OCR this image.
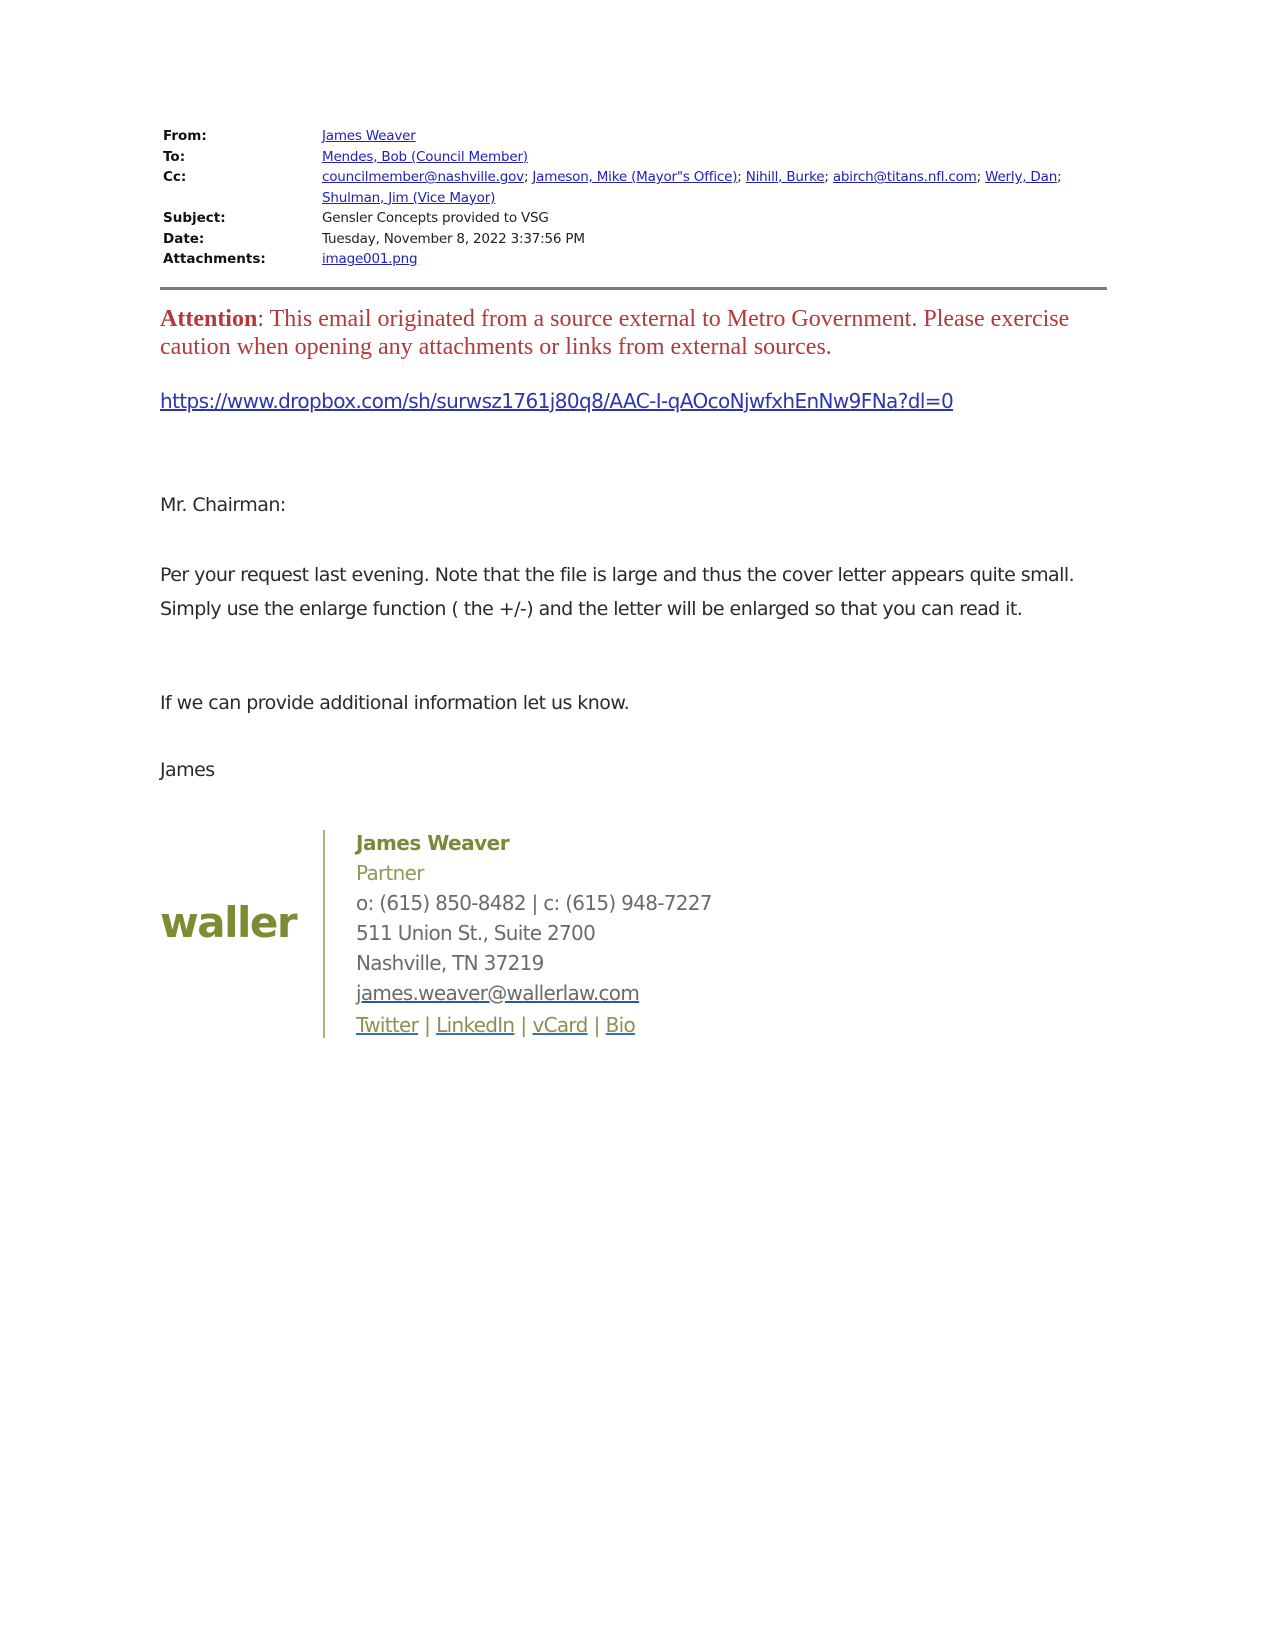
From:	James Weaver
To:	Mendes, Bob (Council Member)
Cc:	councilmember@nashville.gov; Jameson, Mike (Mayor"s Office); Nihill, Burke; abirch@titans.nfl.com; Werly, Dan;
Shulman, Jim (Vice Mayor)
Subject:	Gensler Concepts provided to VSG
Date:	Tuesday, November 8, 2022 3:37:56 PM
Attachments:	image001.png
Attention: This email originated from a source external to Metro Government. Please exercise caution when opening any attachments or links from external sources.
https://www.dropbox.com/sh/surwsz1761j80q8/AAC-I-qAOcoNjwfxhEnNw9FNa?dl=0
Mr. Chairman:
Per your request last evening. Note that the file is large and thus the cover letter appears quite small. Simply use the enlarge function ( the +/-) and the letter will be enlarged so that you can read it.
If we can provide additional information let us know.
James
waller
James Weaver
Partner
o: (615) 850-8482 | c: (615) 948-7227
511 Union St., Suite 2700
Nashville, TN 37219
james.weaver@wallerlaw.com
Twitter | LinkedIn | vCard | Bio
